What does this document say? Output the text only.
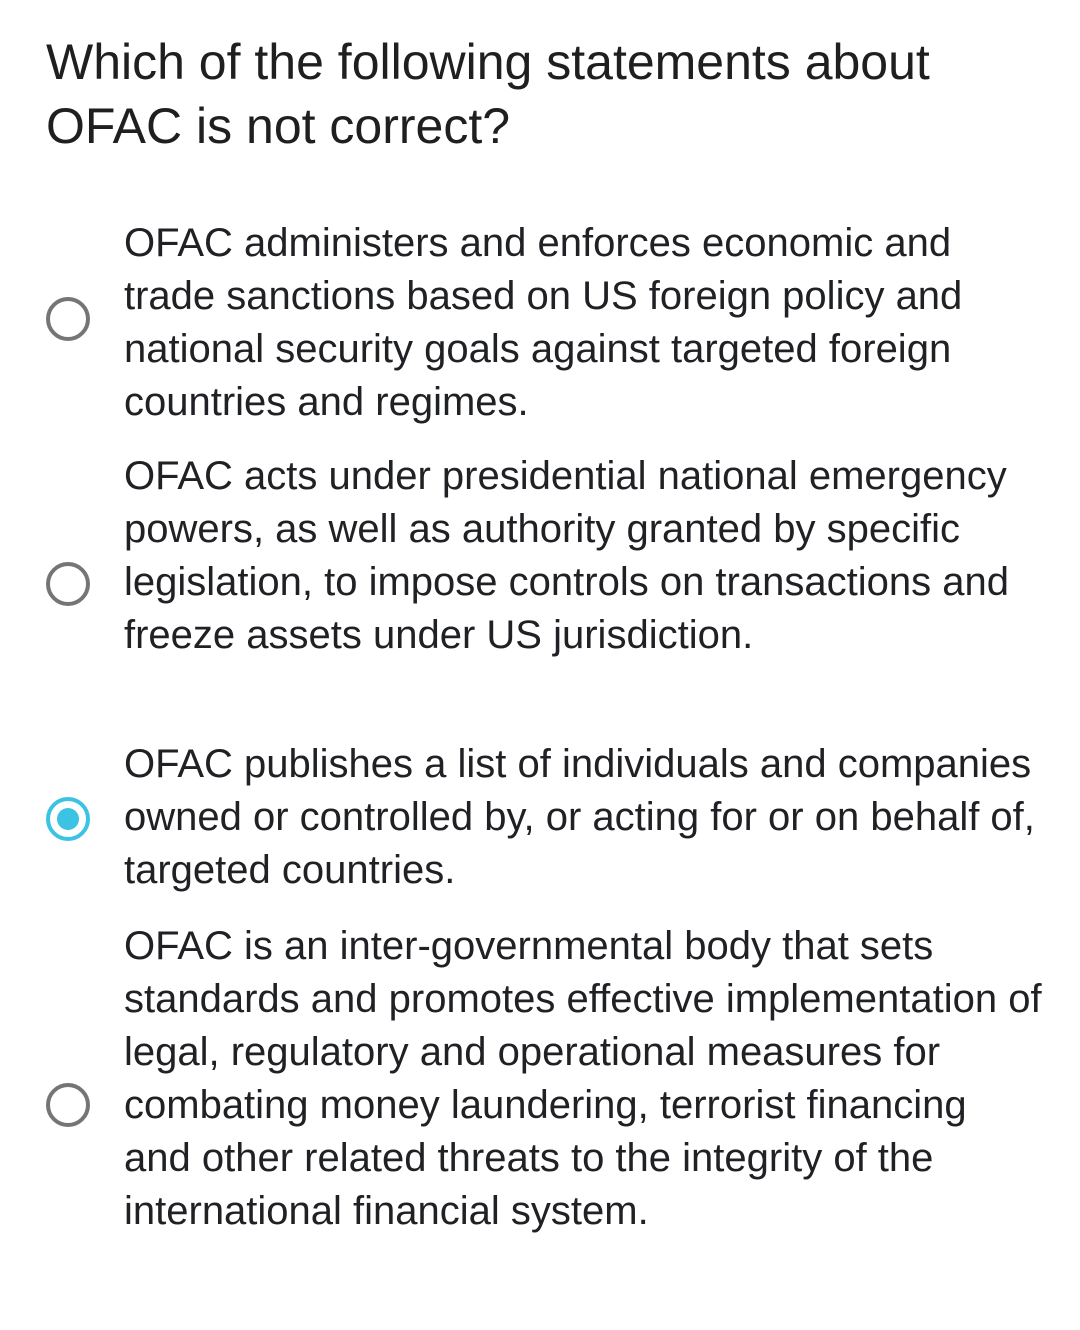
Which of the following statements about OFAC is not correct?
OFAC administers and enforces economic and trade sanctions based on US foreign policy and national security goals against targeted foreign countries and regimes.
OFAC acts under presidential national emergency powers, as well as authority granted by specific legislation, to impose controls on transactions and freeze assets under US jurisdiction.
OFAC publishes a list of individuals and companies owned or controlled by, or acting for or on behalf of, targeted countries.
OFAC is an inter-governmental body that sets standards and promotes effective implementation of legal, regulatory and operational measures for combating money laundering, terrorist financing and other related threats to the integrity of the international financial system.
